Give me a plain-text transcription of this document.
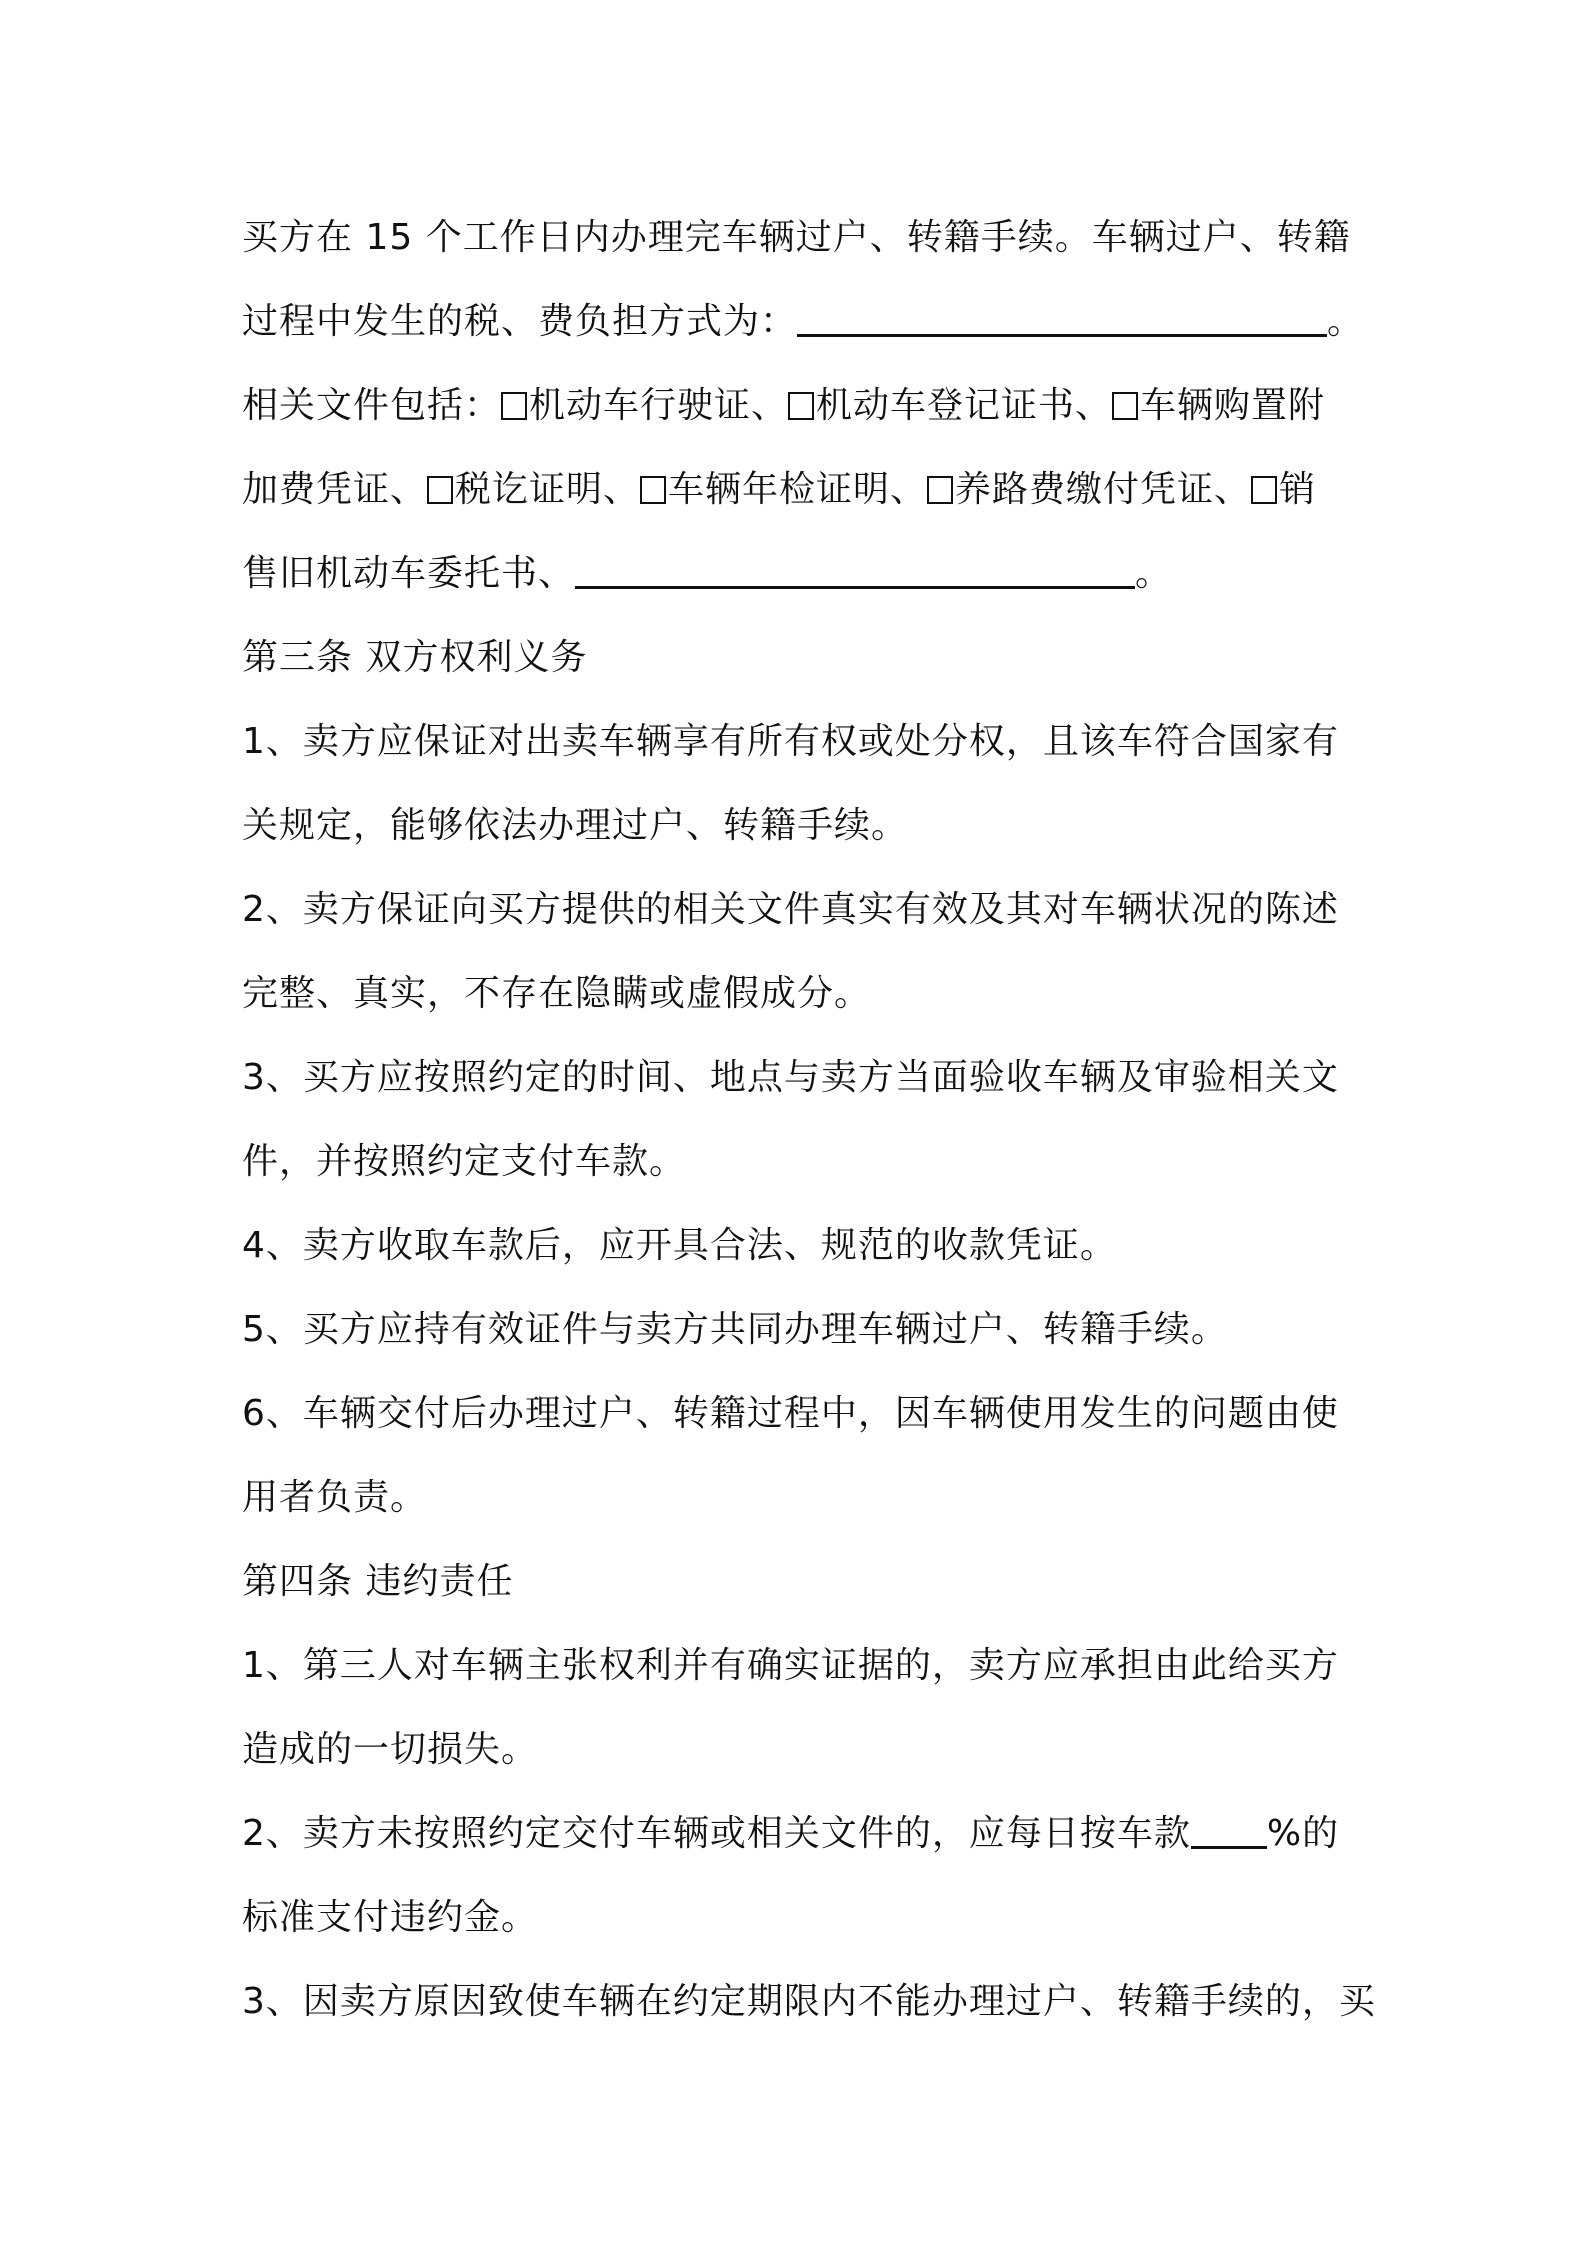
买方在 15 个工作日内办理完车辆过户、转籍手续。车辆过户、转籍
过程中发生的税、费负担方式为：	。
相关文件包括： 机动车行驶证、 机动车登记证书、 车辆购置附
加费凭证、 税讫证明、 车辆年检证明、 养路费缴付凭证、 销
售旧机动车委托书、	。
第三条 双方权利义务
1、卖方应保证对出卖车辆享有所有权或处分权，且该车符合国家有
关规定，能够依法办理过户、转籍手续。
2、卖方保证向买方提供的相关文件真实有效及其对车辆状况的陈述
完整、真实，不存在隐瞒或虚假成分。
3、买方应按照约定的时间、地点与卖方当面验收车辆及审验相关文
件，并按照约定支付车款。
4、卖方收取车款后，应开具合法、规范的收款凭证。
5、买方应持有效证件与卖方共同办理车辆过户、转籍手续。
6、车辆交付后办理过户、转籍过程中，因车辆使用发生的问题由使
用者负责。
第四条 违约责任
1、第三人对车辆主张权利并有确实证据的，卖方应承担由此给买方
造成的一切损失。
2、卖方未按照约定交付车辆或相关文件的，应每日按车款 %的
标准支付违约金。
3、因卖方原因致使车辆在约定期限内不能办理过户、转籍手续的，买
